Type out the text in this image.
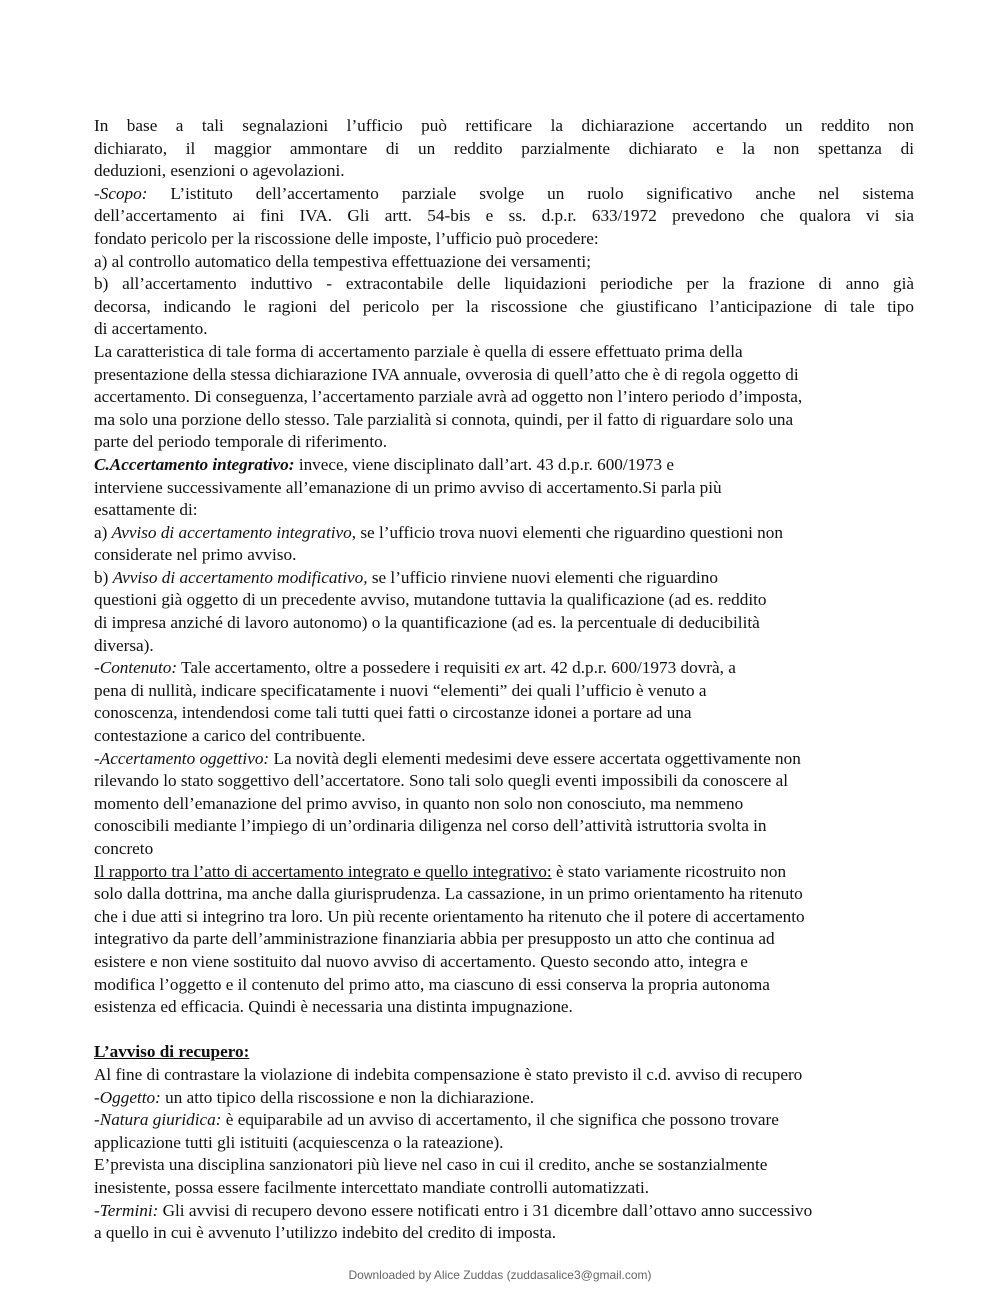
In base a tali segnalazioni l’ufficio può rettificare la dichiarazione accertando un reddito non
dichiarato, il maggior ammontare di un reddito parzialmente dichiarato e la non spettanza di
deduzioni, esenzioni o agevolazioni.
-Scopo: L’istituto dell’accertamento parziale svolge un ruolo significativo anche nel sistema
dell’accertamento ai fini IVA. Gli artt. 54-bis e ss. d.p.r. 633/1972 prevedono che qualora vi sia
fondato pericolo per la riscossione delle imposte, l’ufficio può procedere:
a) al controllo automatico della tempestiva effettuazione dei versamenti;
b) all’accertamento induttivo - extracontabile delle liquidazioni periodiche per la frazione di anno già
decorsa, indicando le ragioni del pericolo per la riscossione che giustificano l’anticipazione di tale tipo
di accertamento.
La caratteristica di tale forma di accertamento parziale è quella di essere effettuato prima della
presentazione della stessa dichiarazione IVA annuale, ovverosia di quell’atto che è di regola oggetto di
accertamento. Di conseguenza, l’accertamento parziale avrà ad oggetto non l’intero periodo d’imposta,
ma solo una porzione dello stesso. Tale parzialità si connota, quindi, per il fatto di riguardare solo una
parte del periodo temporale di riferimento.
C.Accertamento integrativo: invece, viene disciplinato dall’art. 43 d.p.r. 600/1973 e
interviene successivamente all’emanazione di un primo avviso di accertamento.Si parla più
esattamente di:
a) Avviso di accertamento integrativo, se l’ufficio trova nuovi elementi che riguardino questioni non
considerate nel primo avviso.
b) Avviso di accertamento modificativo, se l’ufficio rinviene nuovi elementi che riguardino
questioni già oggetto di un precedente avviso, mutandone tuttavia la qualificazione (ad es. reddito
di impresa anziché di lavoro autonomo) o la quantificazione (ad es. la percentuale di deducibilità
diversa).
-Contenuto: Tale accertamento, oltre a possedere i requisiti ex art. 42 d.p.r. 600/1973 dovrà, a
pena di nullità, indicare specificatamente i nuovi “elementi” dei quali l’ufficio è venuto a
conoscenza, intendendosi come tali tutti quei fatti o circostanze idonei a portare ad una
contestazione a carico del contribuente.
-Accertamento oggettivo: La novità degli elementi medesimi deve essere accertata oggettivamente non
rilevando lo stato soggettivo dell’accertatore. Sono tali solo quegli eventi impossibili da conoscere al
momento dell’emanazione del primo avviso, in quanto non solo non conosciuto, ma nemmeno
conoscibili mediante l’impiego di un’ordinaria diligenza nel corso dell’attività istruttoria svolta in
concreto
Il rapporto tra l’atto di accertamento integrato e quello integrativo: è stato variamente ricostruito non
solo dalla dottrina, ma anche dalla giurisprudenza. La cassazione, in un primo orientamento ha ritenuto
che i due atti si integrino tra loro. Un più recente orientamento ha ritenuto che il potere di accertamento
integrativo da parte dell’amministrazione finanziaria abbia per presupposto un atto che continua ad
esistere e non viene sostituito dal nuovo avviso di accertamento. Questo secondo atto, integra e
modifica l’oggetto e il contenuto del primo atto, ma ciascuno di essi conserva la propria autonoma
esistenza ed efficacia. Quindi è necessaria una distinta impugnazione.
L’avviso di recupero:
Al fine di contrastare la violazione di indebita compensazione è stato previsto il c.d. avviso di recupero
-Oggetto: un atto tipico della riscossione e non la dichiarazione.
-Natura giuridica: è equiparabile ad un avviso di accertamento, il che significa che possono trovare
applicazione tutti gli istituiti (acquiescenza o la rateazione).
E’prevista una disciplina sanzionatori più lieve nel caso in cui il credito, anche se sostanzialmente
inesistente, possa essere facilmente intercettato mandiate controlli automatizzati.
-Termini: Gli avvisi di recupero devono essere notificati entro i 31 dicembre dall’ottavo anno successivo
a quello in cui è avvenuto l’utilizzo indebito del credito di imposta.
Downloaded by Alice Zuddas (zuddasalice3@gmail.com)
